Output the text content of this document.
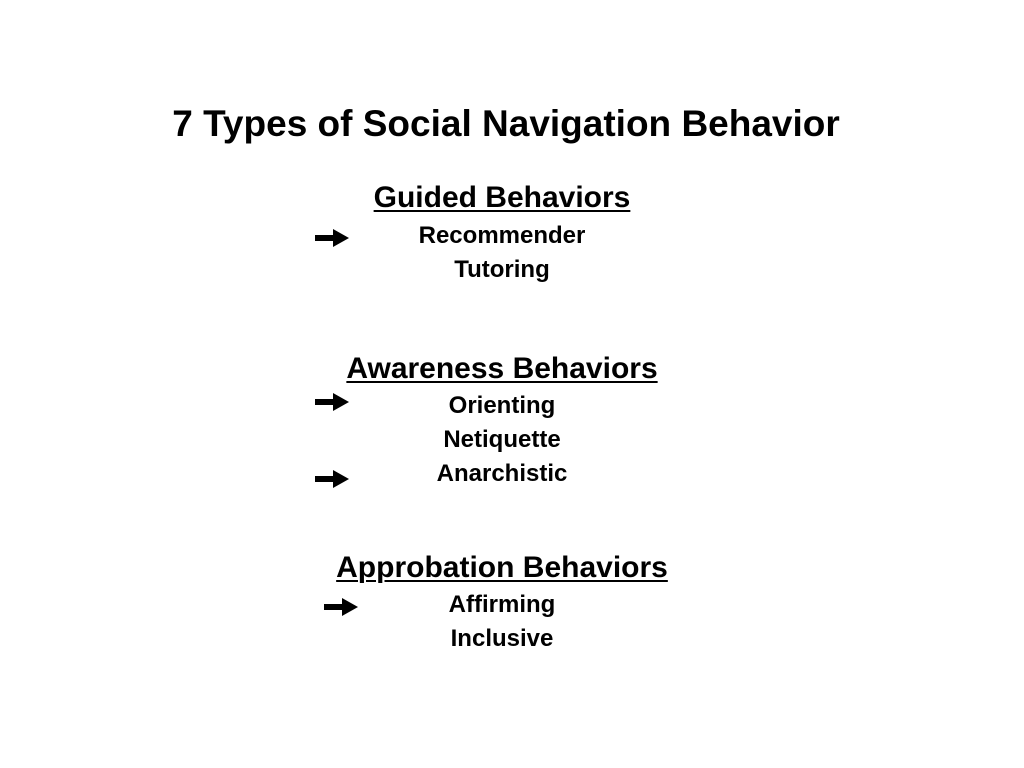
7 Types of Social Navigation Behavior
Guided Behaviors
Recommender
Tutoring
Awareness Behaviors
Orienting
Netiquette
Anarchistic
Approbation Behaviors
Affirming
Inclusive
